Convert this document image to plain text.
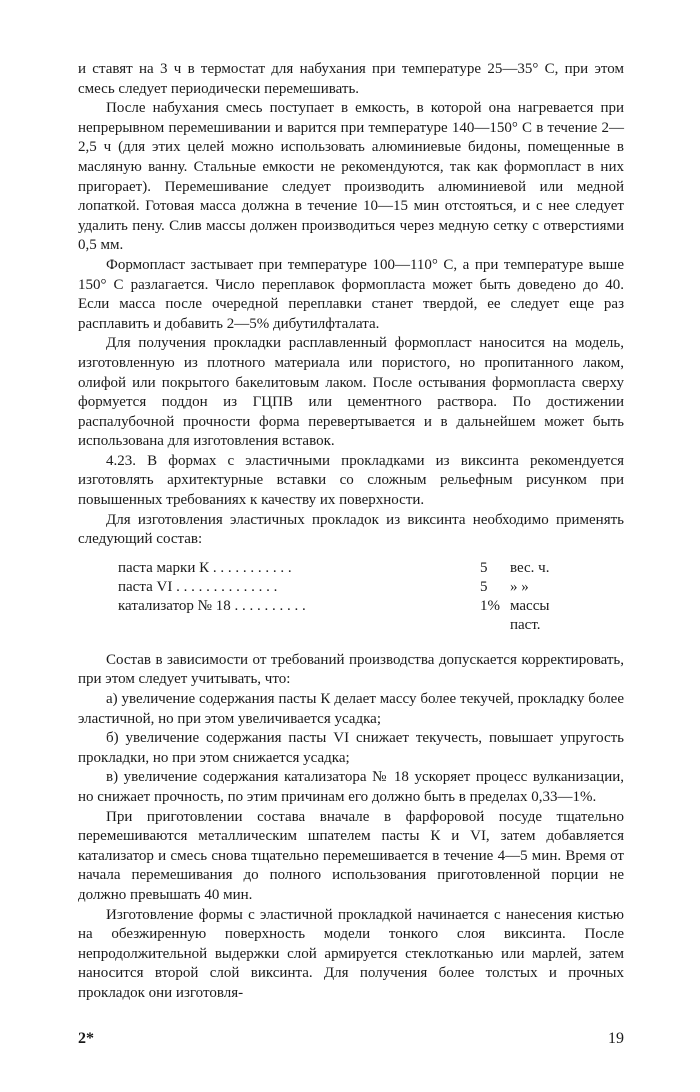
и ставят на 3 ч в термостат для набухания при температуре 25—35° С, при этом смесь следует периодически перемешивать.

После набухания смесь поступает в емкость, в которой она нагревается при непрерывном перемешивании и варится при температуре 140—150° С в течение 2—2,5 ч (для этих целей можно использовать алюминиевые бидоны, помещенные в масляную ванну. Стальные емкости не рекомендуются, так как формопласт в них пригорает). Перемешивание следует производить алюминиевой или медной лопаткой. Готовая масса должна в течение 10—15 мин отстояться, и с нее следует удалить пену. Слив массы должен производиться через медную сетку с отверстиями 0,5 мм.

Формопласт застывает при температуре 100—110° С, а при температуре выше 150° С разлагается. Число переплавок формопласта может быть доведено до 40. Если масса после очередной переплавки станет твердой, ее следует еще раз расплавить и добавить 2—5% дибутилфталата.

Для получения прокладки расплавленный формопласт наносится на модель, изготовленную из плотного материала или пористого, но пропитанного лаком, олифой или покрытого бакелитовым лаком. После остывания формопласта сверху формуется поддон из ГЦПВ или цементного раствора. По достижении распалубочной прочности форма перевертывается и в дальнейшем может быть использована для изготовления вставок.

4.23. В формах с эластичными прокладками из виксинта рекомендуется изготовлять архитектурные вставки со сложным рельефным рисунком при повышенных требованиях к качеству их поверхности.

Для изготовления эластичных прокладок из виксинта необходимо применять следующий состав:

паста марки К . . . . . . . . . . .	5	вес. ч.
паста VI . . . . . . . . . . . . . .	5	» »
катализатор № 18 . . . . . . . . . .	1% массы
паст.

Состав в зависимости от требований производства допускается корректировать, при этом следует учитывать, что:

а) увеличение содержания пасты К делает массу более текучей, прокладку более эластичной, но при этом увеличивается усадка;

б) увеличение содержания пасты VI снижает текучесть, повышает упругость прокладки, но при этом снижается усадка;

в) увеличение содержания катализатора № 18 ускоряет процесс вулканизации, но снижает прочность, по этим причинам его должно быть в пределах 0,33—1%.

При приготовлении состава вначале в фарфоровой посуде тщательно перемешиваются металлическим шпателем пасты К и VI, затем добавляется катализатор и смесь снова тщательно перемешивается в течение 4—5 мин. Время от начала перемешивания до полного использования приготовленной порции не должно превышать 40 мин.

Изготовление формы с эластичной прокладкой начинается с нанесения кистью на обезжиренную поверхность модели тонкого слоя виксинта. После непродолжительной выдержки слой армируется стеклотканью или марлей, затем наносится второй слой виксинта. Для получения более толстых и прочных прокладок они изготовля-

2*	19
